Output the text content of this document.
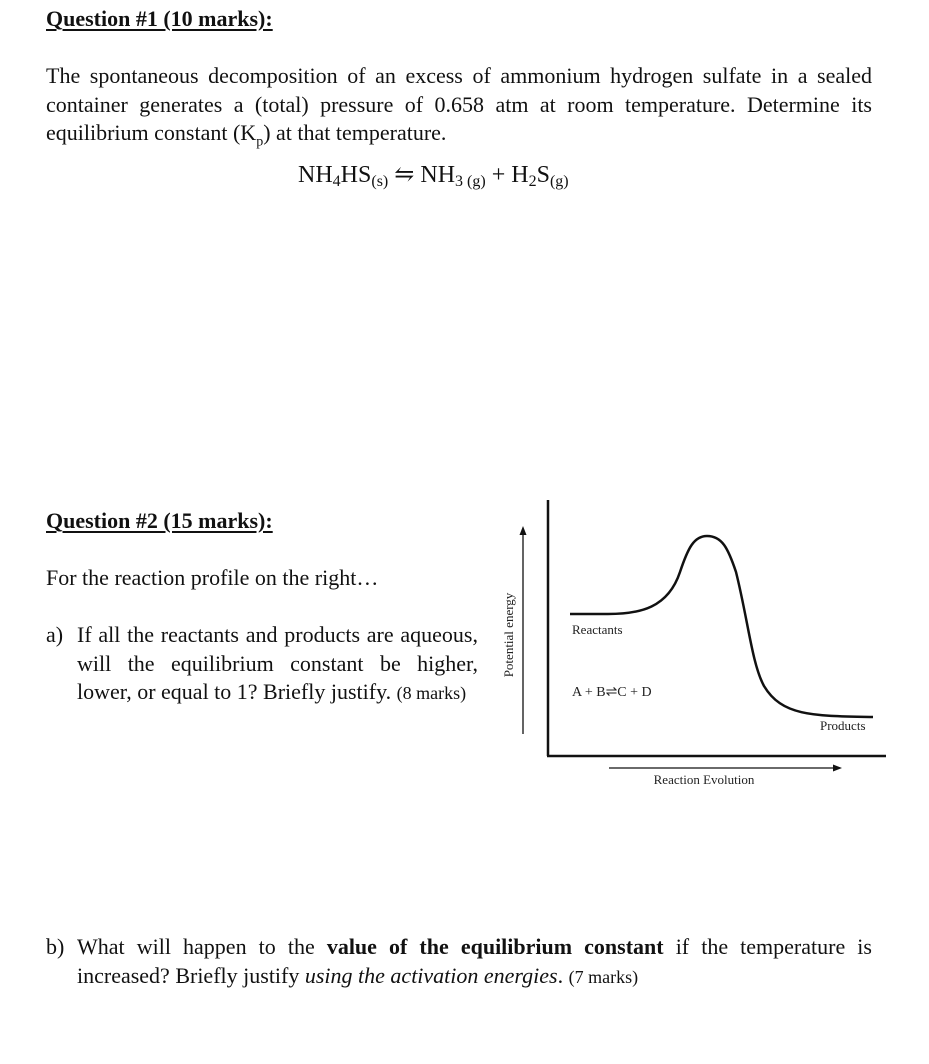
Question #1 (10 marks):
The spontaneous decomposition of an excess of ammonium hydrogen sulfate in a sealed container generates a (total) pressure of 0.658 atm at room temperature. Determine its equilibrium constant $(K_p)$ at that temperature.
$NH_4HS_{(s)}$ ⇋ $NH_{3 (g)} + H_2S_{(g)}$
Question #2 (15 marks):
For the reaction profile on the right…
a) If all the reactants and products are aqueous, will the equilibrium constant be higher, lower, or equal to 1? Briefly justify. (8 marks)
Potential energy	Reactants
A + B⇌C + D
Products
Reaction Evolution
b) What will happen to the value of the equilibrium constant if the temperature is increased? Briefly justify using the activation energies. (7 marks)
